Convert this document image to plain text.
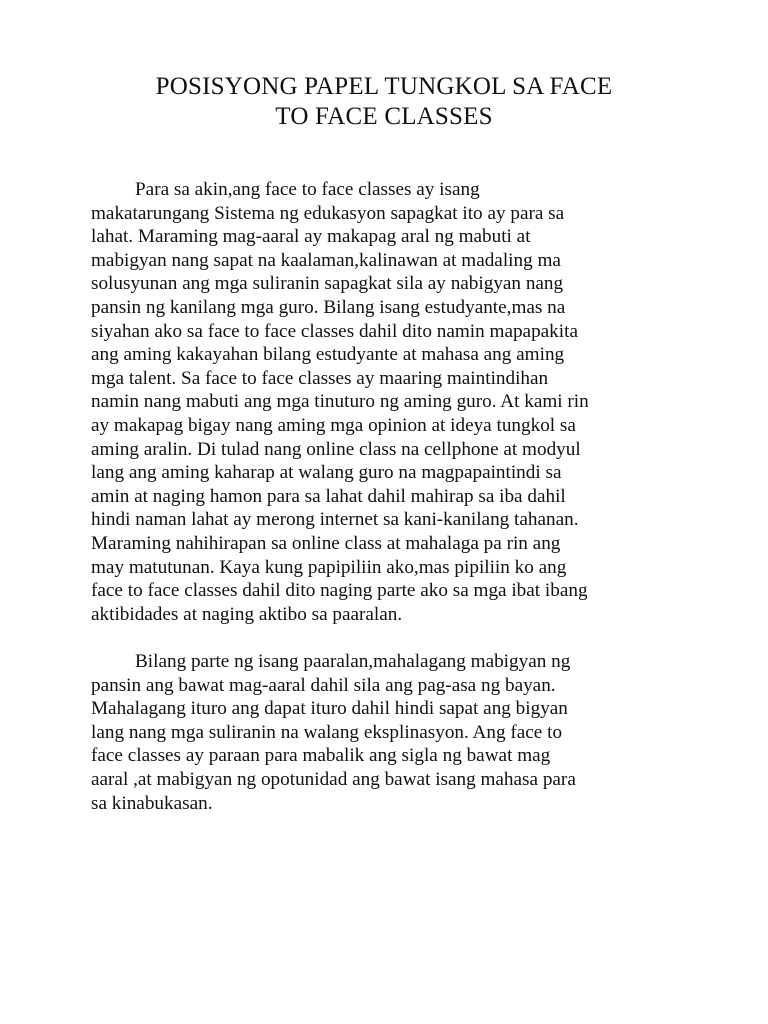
POSISYONG PAPEL TUNGKOL SA FACE
TO FACE CLASSES

Para sa akin,ang face to face classes ay isang
makatarungang Sistema ng edukasyon sapagkat ito ay para sa
lahat. Maraming mag-aaral ay makapag aral ng mabuti at
mabigyan nang sapat na kaalaman,kalinawan at madaling ma
solusyunan ang mga suliranin sapagkat sila ay nabigyan nang
pansin ng kanilang mga guro. Bilang isang estudyante,mas na
siyahan ako sa face to face classes dahil dito namin mapapakita
ang aming kakayahan bilang estudyante at mahasa ang aming
mga talent. Sa face to face classes ay maaring maintindihan
namin nang mabuti ang mga tinuturo ng aming guro. At kami rin
ay makapag bigay nang aming mga opinion at ideya tungkol sa
aming aralin. Di tulad nang online class na cellphone at modyul
lang ang aming kaharap at walang guro na magpapaintindi sa
amin at naging hamon para sa lahat dahil mahirap sa iba dahil
hindi naman lahat ay merong internet sa kani-kanilang tahanan.
Maraming nahihirapan sa online class at mahalaga pa rin ang
may matutunan. Kaya kung papipiliin ako,mas pipiliin ko ang
face to face classes dahil dito naging parte ako sa mga ibat ibang
aktibidades at naging aktibo sa paaralan.

Bilang parte ng isang paaralan,mahalagang mabigyan ng
pansin ang bawat mag-aaral dahil sila ang pag-asa ng bayan.
Mahalagang ituro ang dapat ituro dahil hindi sapat ang bigyan
lang nang mga suliranin na walang eksplinasyon. Ang face to
face classes ay paraan para mabalik ang sigla ng bawat mag
aaral ,at mabigyan ng opotunidad ang bawat isang mahasa para
sa kinabukasan.
